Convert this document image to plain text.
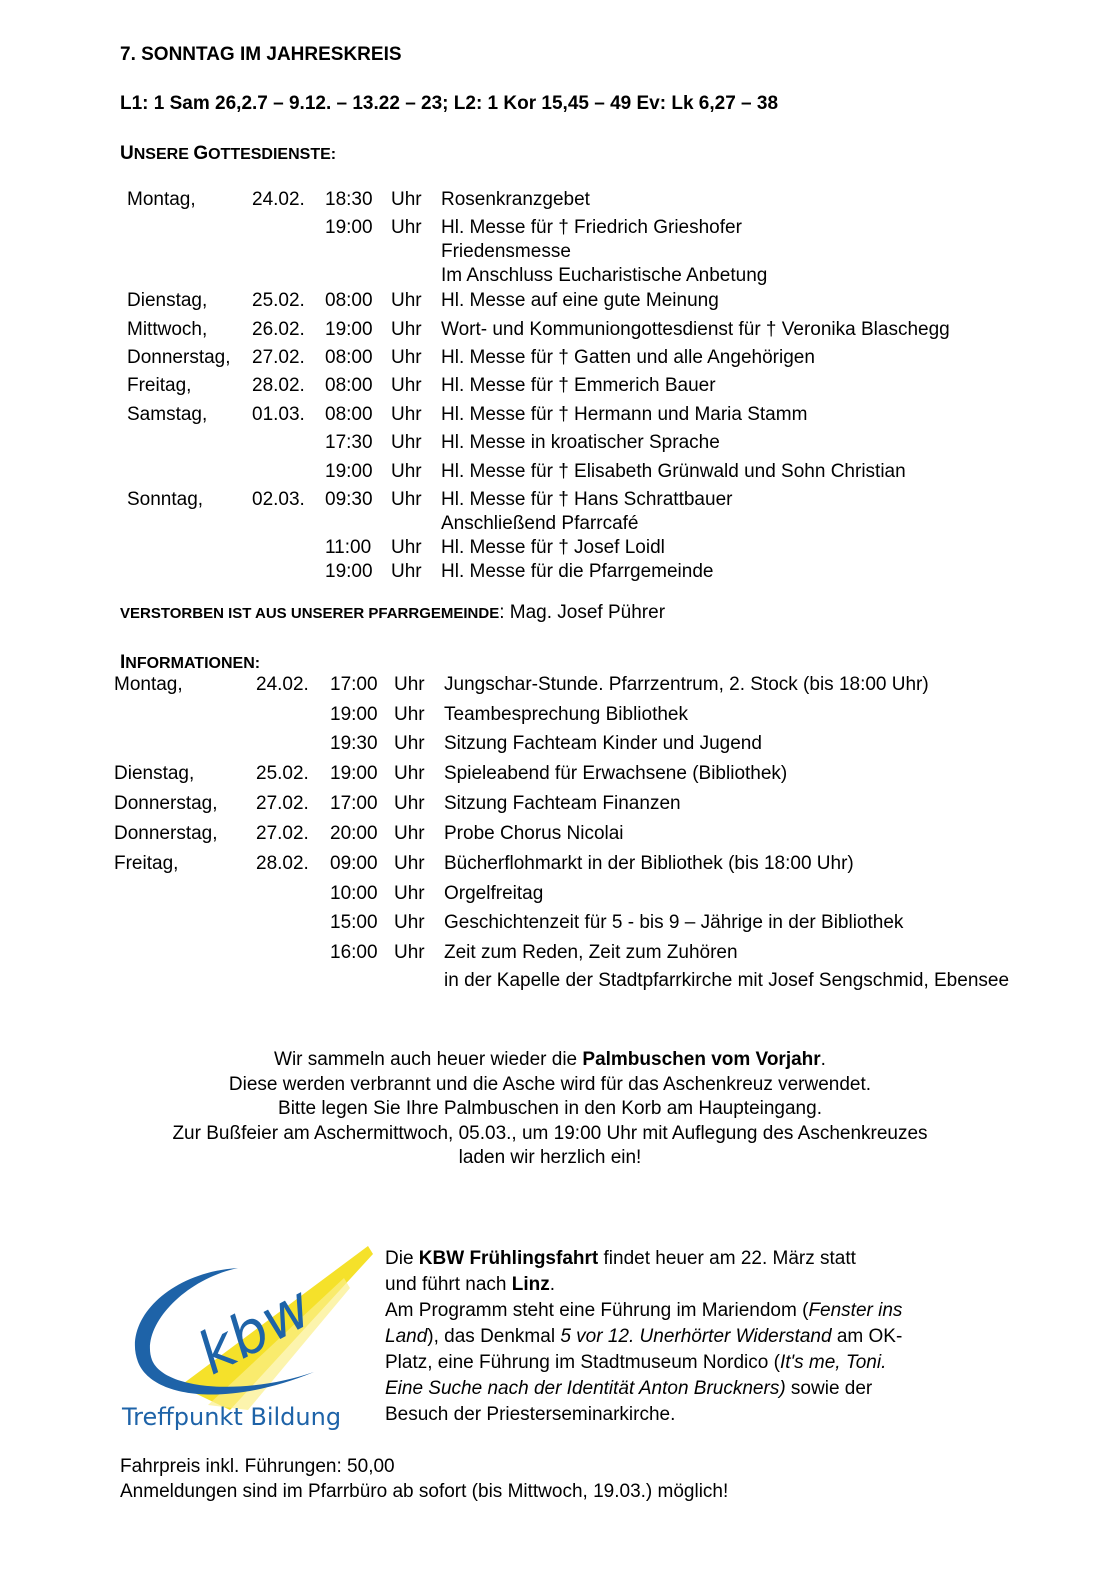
7. SONNTAG IM JAHRESKREIS
L1: 1 Sam 26,2.7 – 9.12. – 13.22 – 23; L2: 1 Kor 15,45 – 49 Ev: Lk 6,27 – 38
UNSERE GOTTESDIENSTE:
Montag,	24.02. 18:30 Uhr Rosenkranzgebet
19:00 Uhr Hl. Messe für † Friedrich Grieshofer
Friedensmesse
Im Anschluss Eucharistische Anbetung
Dienstag, 25.02. 08:00 Uhr Hl. Messe auf eine gute Meinung
Mittwoch, 26.02. 19:00 Uhr Wort- und Kommuniongottesdienst für † Veronika Blaschegg
Donnerstag, 27.02. 08:00 Uhr Hl. Messe für † Gatten und alle Angehörigen
Freitag,	28.02. 08:00 Uhr Hl. Messe für † Emmerich Bauer
Samstag, 01.03. 08:00 Uhr Hl. Messe für † Hermann und Maria Stamm
17:30 Uhr Hl. Messe in kroatischer Sprache
19:00 Uhr Hl. Messe für † Elisabeth Grünwald und Sohn Christian
Sonntag,	02.03. 09:30 Uhr Hl. Messe für † Hans Schrattbauer
Anschließend Pfarrcafé
11:00 Uhr Hl. Messe für † Josef Loidl
19:00 Uhr Hl. Messe für die Pfarrgemeinde
VERSTORBEN IST AUS UNSERER PFARRGEMEINDE: Mag. Josef Pührer
INFORMATIONEN:
Montag,	24.02. 17:00 Uhr Jungschar-Stunde. Pfarrzentrum, 2. Stock (bis 18:00 Uhr)
19:00 Uhr Teambesprechung Bibliothek
19:30 Uhr Sitzung Fachteam Kinder und Jugend
Dienstag,	25.02. 19:00 Uhr Spieleabend für Erwachsene (Bibliothek)
Donnerstag, 27.02. 17:00 Uhr Sitzung Fachteam Finanzen
Donnerstag, 27.02. 20:00 Uhr Probe Chorus Nicolai
Freitag,	28.02. 09:00 Uhr Bücherflohmarkt in der Bibliothek (bis 18:00 Uhr)
10:00 Uhr Orgelfreitag
15:00 Uhr Geschichtenzeit für 5 - bis 9 – Jährige in der Bibliothek
16:00 Uhr Zeit zum Reden, Zeit zum Zuhören
in der Kapelle der Stadtpfarrkirche mit Josef Sengschmid, Ebensee
Wir sammeln auch heuer wieder die Palmbuschen vom Vorjahr.
Diese werden verbrannt und die Asche wird für das Aschenkreuz verwendet.
Bitte legen Sie Ihre Palmbuschen in den Korb am Haupteingang.
Zur Bußfeier am Aschermittwoch, 05.03., um 19:00 Uhr mit Auflegung des Aschenkreuzes
laden wir herzlich ein!
kbw
Treffpunkt Bildung
Die KBW Frühlingsfahrt findet heuer am 22. März statt
und führt nach Linz.
Am Programm steht eine Führung im Mariendom (Fenster ins
Land), das Denkmal 5 vor 12. Unerhörter Widerstand am OK-
Platz, eine Führung im Stadtmuseum Nordico (It's me, Toni.
Eine Suche nach der Identität Anton Bruckners) sowie der
Besuch der Priesterseminarkirche.
Fahrpreis inkl. Führungen: 50,00
Anmeldungen sind im Pfarrbüro ab sofort (bis Mittwoch, 19.03.) möglich!
